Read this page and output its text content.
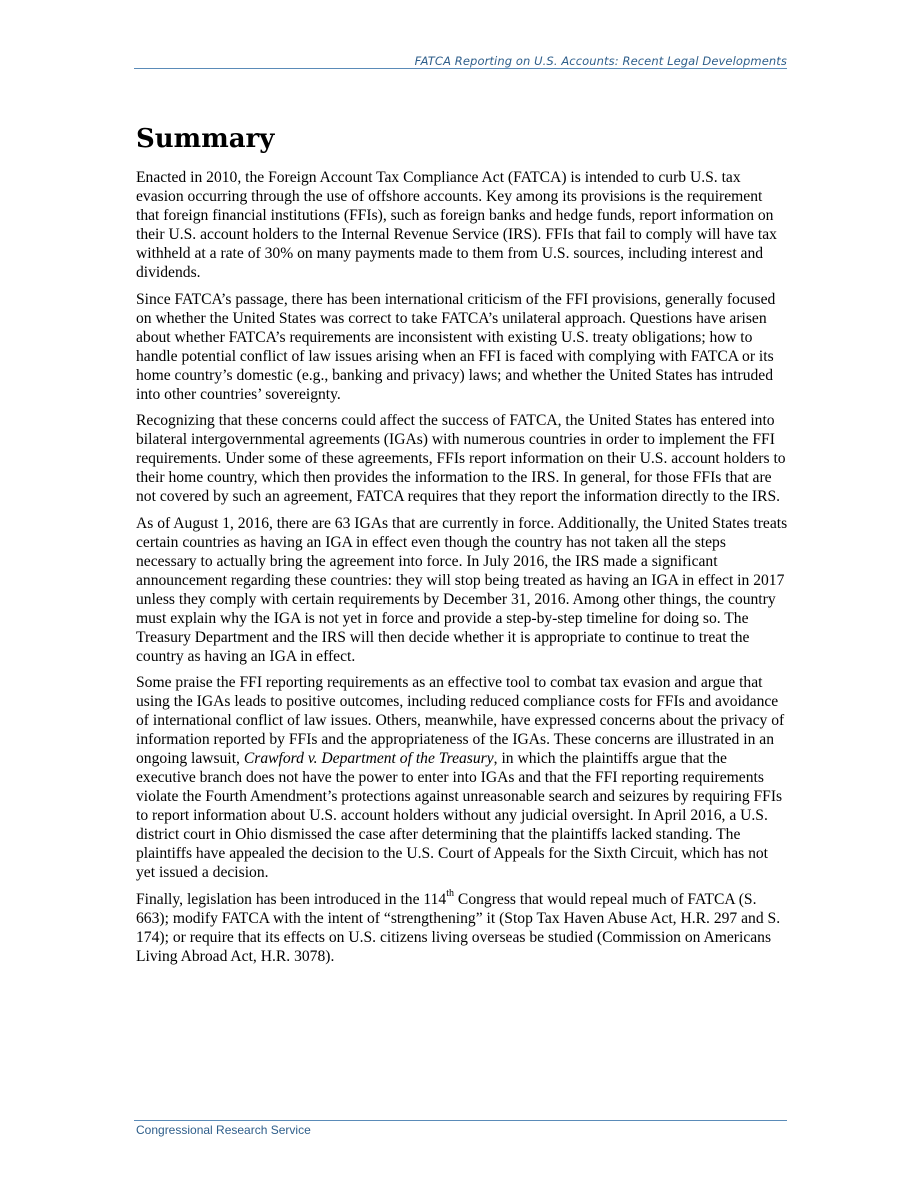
FATCA Reporting on U.S. Accounts: Recent Legal Developments
Summary

Enacted in 2010, the Foreign Account Tax Compliance Act (FATCA) is intended to curb U.S. tax evasion occurring through the use of offshore accounts. Key among its provisions is the requirement that foreign financial institutions (FFIs), such as foreign banks and hedge funds, report information on their U.S. account holders to the Internal Revenue Service (IRS). FFIs that fail to comply will have tax withheld at a rate of 30% on many payments made to them from U.S. sources, including interest and dividends.

Since FATCA’s passage, there has been international criticism of the FFI provisions, generally focused on whether the United States was correct to take FATCA’s unilateral approach. Questions have arisen about whether FATCA’s requirements are inconsistent with existing U.S. treaty obligations; how to handle potential conflict of law issues arising when an FFI is faced with complying with FATCA or its home country’s domestic (e.g., banking and privacy) laws; and whether the United States has intruded into other countries’ sovereignty.

Recognizing that these concerns could affect the success of FATCA, the United States has entered into bilateral intergovernmental agreements (IGAs) with numerous countries in order to implement the FFI requirements. Under some of these agreements, FFIs report information on their U.S. account holders to their home country, which then provides the information to the IRS. In general, for those FFIs that are not covered by such an agreement, FATCA requires that they report the information directly to the IRS.

As of August 1, 2016, there are 63 IGAs that are currently in force. Additionally, the United States treats certain countries as having an IGA in effect even though the country has not taken all the steps necessary to actually bring the agreement into force. In July 2016, the IRS made a significant announcement regarding these countries: they will stop being treated as having an IGA in effect in 2017 unless they comply with certain requirements by December 31, 2016. Among other things, the country must explain why the IGA is not yet in force and provide a step-by-step timeline for doing so. The Treasury Department and the IRS will then decide whether it is appropriate to continue to treat the country as having an IGA in effect.

Some praise the FFI reporting requirements as an effective tool to combat tax evasion and argue that using the IGAs leads to positive outcomes, including reduced compliance costs for FFIs and avoidance of international conflict of law issues. Others, meanwhile, have expressed concerns about the privacy of information reported by FFIs and the appropriateness of the IGAs. These concerns are illustrated in an ongoing lawsuit, Crawford v. Department of the Treasury, in which the plaintiffs argue that the executive branch does not have the power to enter into IGAs and that the FFI reporting requirements violate the Fourth Amendment’s protections against unreasonable search and seizures by requiring FFIs to report information about U.S. account holders without any judicial oversight. In April 2016, a U.S. district court in Ohio dismissed the case after determining that the plaintiffs lacked standing. The plaintiffs have appealed the decision to the U.S. Court of Appeals for the Sixth Circuit, which has not yet issued a decision.

Finally, legislation has been introduced in the 114th Congress that would repeal much of FATCA (S. 663); modify FATCA with the intent of “strengthening” it (Stop Tax Haven Abuse Act, H.R. 297 and S. 174); or require that its effects on U.S. citizens living overseas be studied (Commission on Americans Living Abroad Act, H.R. 3078).

Congressional Research Service
